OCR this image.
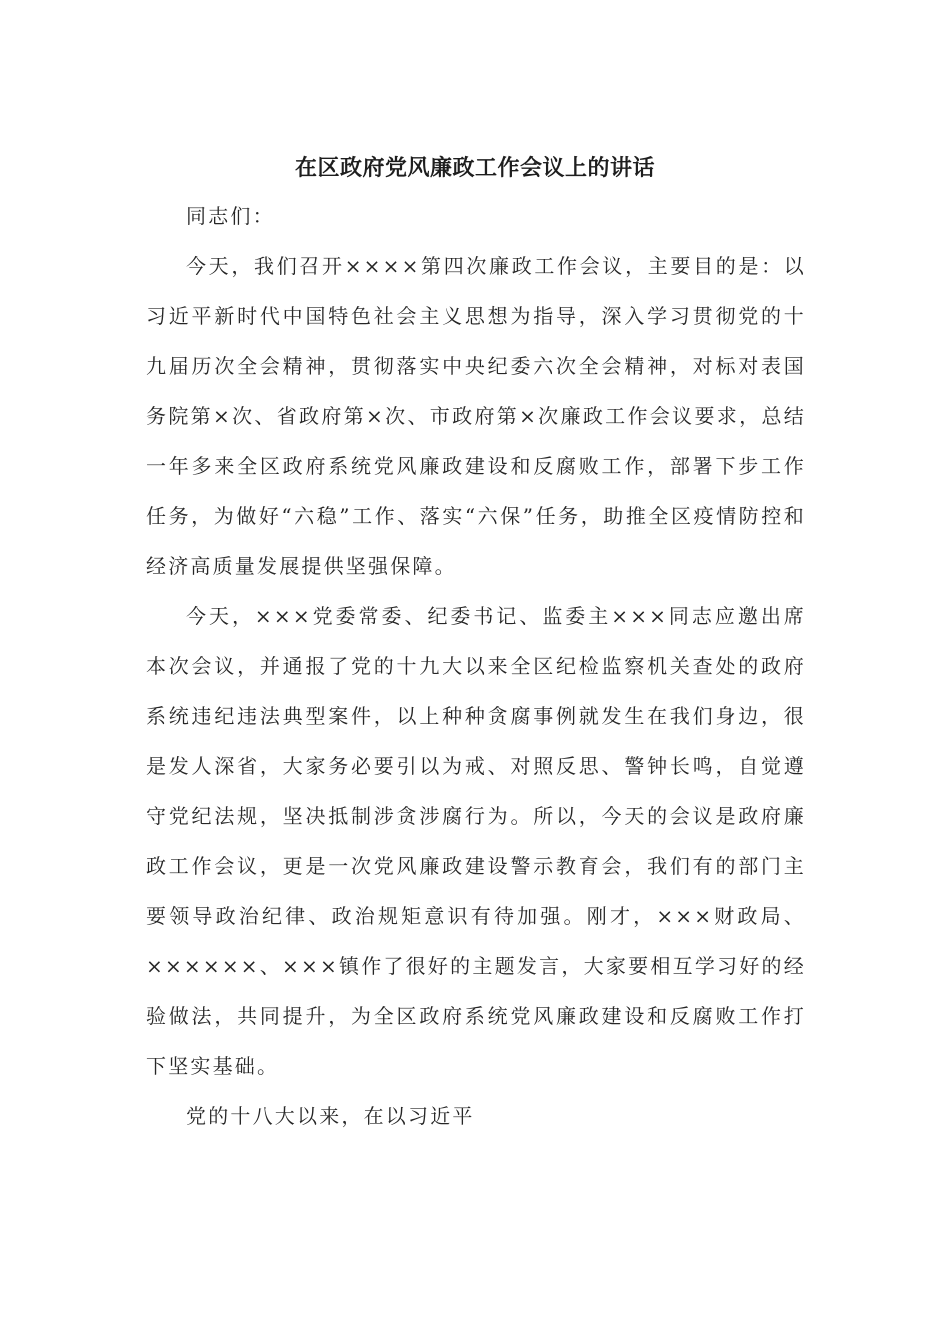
在区政府党风廉政工作会议上的讲话

同志们：

今天，我们召开××××第四次廉政工作会议，主要目的是：以习近平新时代中国特色社会主义思想为指导，深入学习贯彻党的十九届历次全会精神，贯彻落实中央纪委六次全会精神，对标对表国务院第×次、省政府第×次、市政府第×次廉政工作会议要求，总结一年多来全区政府系统党风廉政建设和反腐败工作，部署下步工作任务，为做好“六稳”工作、落实“六保”任务，助推全区疫情防控和经济高质量发展提供坚强保障。

今天，×××党委常委、纪委书记、监委主×××同志应邀出席本次会议，并通报了党的十九大以来全区纪检监察机关查处的政府系统违纪违法典型案件，以上种种贪腐事例就发生在我们身边，很是发人深省，大家务必要引以为戒、对照反思、警钟长鸣，自觉遵守党纪法规，坚决抵制涉贪涉腐行为。所以，今天的会议是政府廉政工作会议，更是一次党风廉政建设警示教育会，我们有的部门主要领导政治纪律、政治规矩意识有待加强。刚才，×××财政局、××××××、×××镇作了很好的主题发言，大家要相互学习好的经验做法，共同提升，为全区政府系统党风廉政建设和反腐败工作打下坚实基础。

党的十八大以来，在以习近平
